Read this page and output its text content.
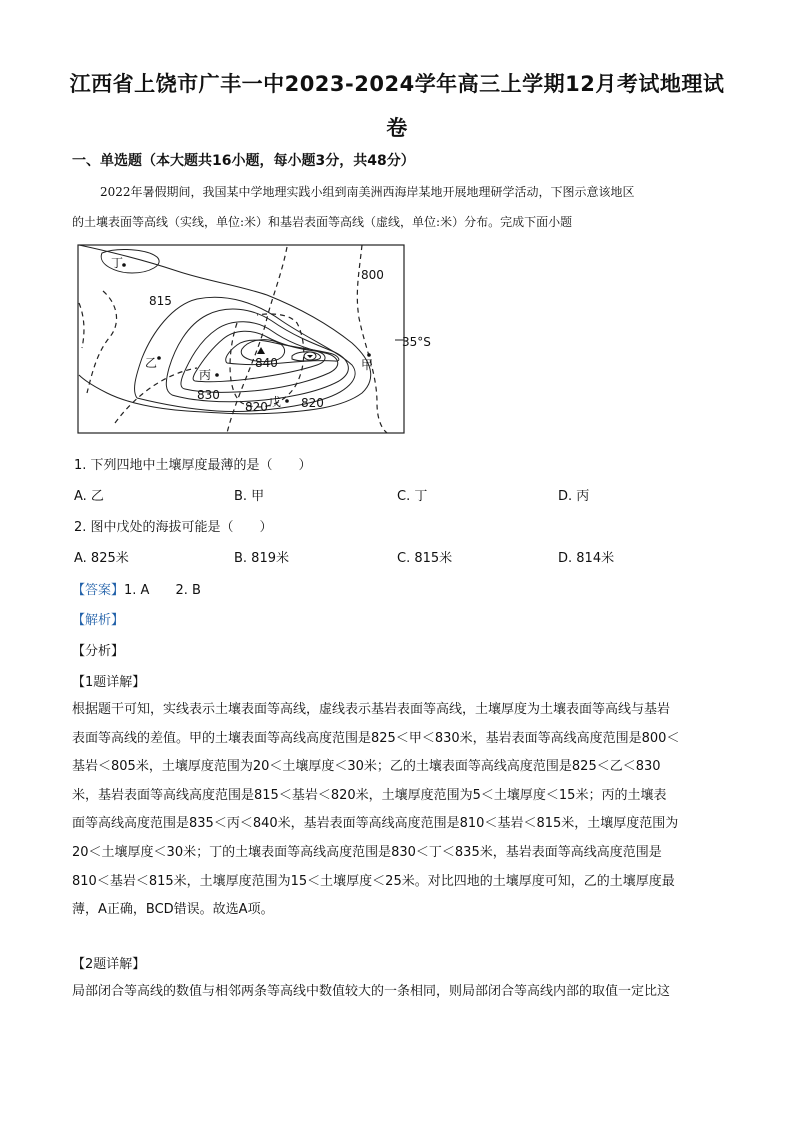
江西省上饶市广丰一中2023-2024学年高三上学期12月考试地理试
卷
一、单选题（本大题共16小题，每小题3分，共48分）
2022年暑假期间，我国某中学地理实践小组到南美洲西海岸某地开展地理研学活动，下图示意该地区
的土壤表面等高线（实线，单位:米）和基岩表面等高线（虚线，单位:米）分布。完成下面小题
800
815
840
830
820	820
35°S
丁
乙
丙
甲
戊
1. 下列四地中土壤厚度最薄的是（　　）
A. 乙	B. 甲	C. 丁	D. 丙
2. 图中戊处的海拔可能是（　　）
A. 825米	B. 819米	C. 815米	D. 814米
【答案】1. A　　2. B
【解析】
【分析】
【1题详解】
根据题干可知，实线表示土壤表面等高线，虚线表示基岩表面等高线，土壤厚度为土壤表面等高线与基岩
表面等高线的差值。甲的土壤表面等高线高度范围是825＜甲＜830米，基岩表面等高线高度范围是800＜
基岩＜805米，土壤厚度范围为20＜土壤厚度＜30米；乙的土壤表面等高线高度范围是825＜乙＜830
米，基岩表面等高线高度范围是815＜基岩＜820米，土壤厚度范围为5＜土壤厚度＜15米；丙的土壤表
面等高线高度范围是835＜丙＜840米，基岩表面等高线高度范围是810＜基岩＜815米，土壤厚度范围为
20＜土壤厚度＜30米；丁的土壤表面等高线高度范围是830＜丁＜835米，基岩表面等高线高度范围是
810＜基岩＜815米，土壤厚度范围为15＜土壤厚度＜25米。对比四地的土壤厚度可知，乙的土壤厚度最
薄，A正确，BCD错误。故选A项。
【2题详解】
局部闭合等高线的数值与相邻两条等高线中数值较大的一条相同，则局部闭合等高线内部的取值一定比这
